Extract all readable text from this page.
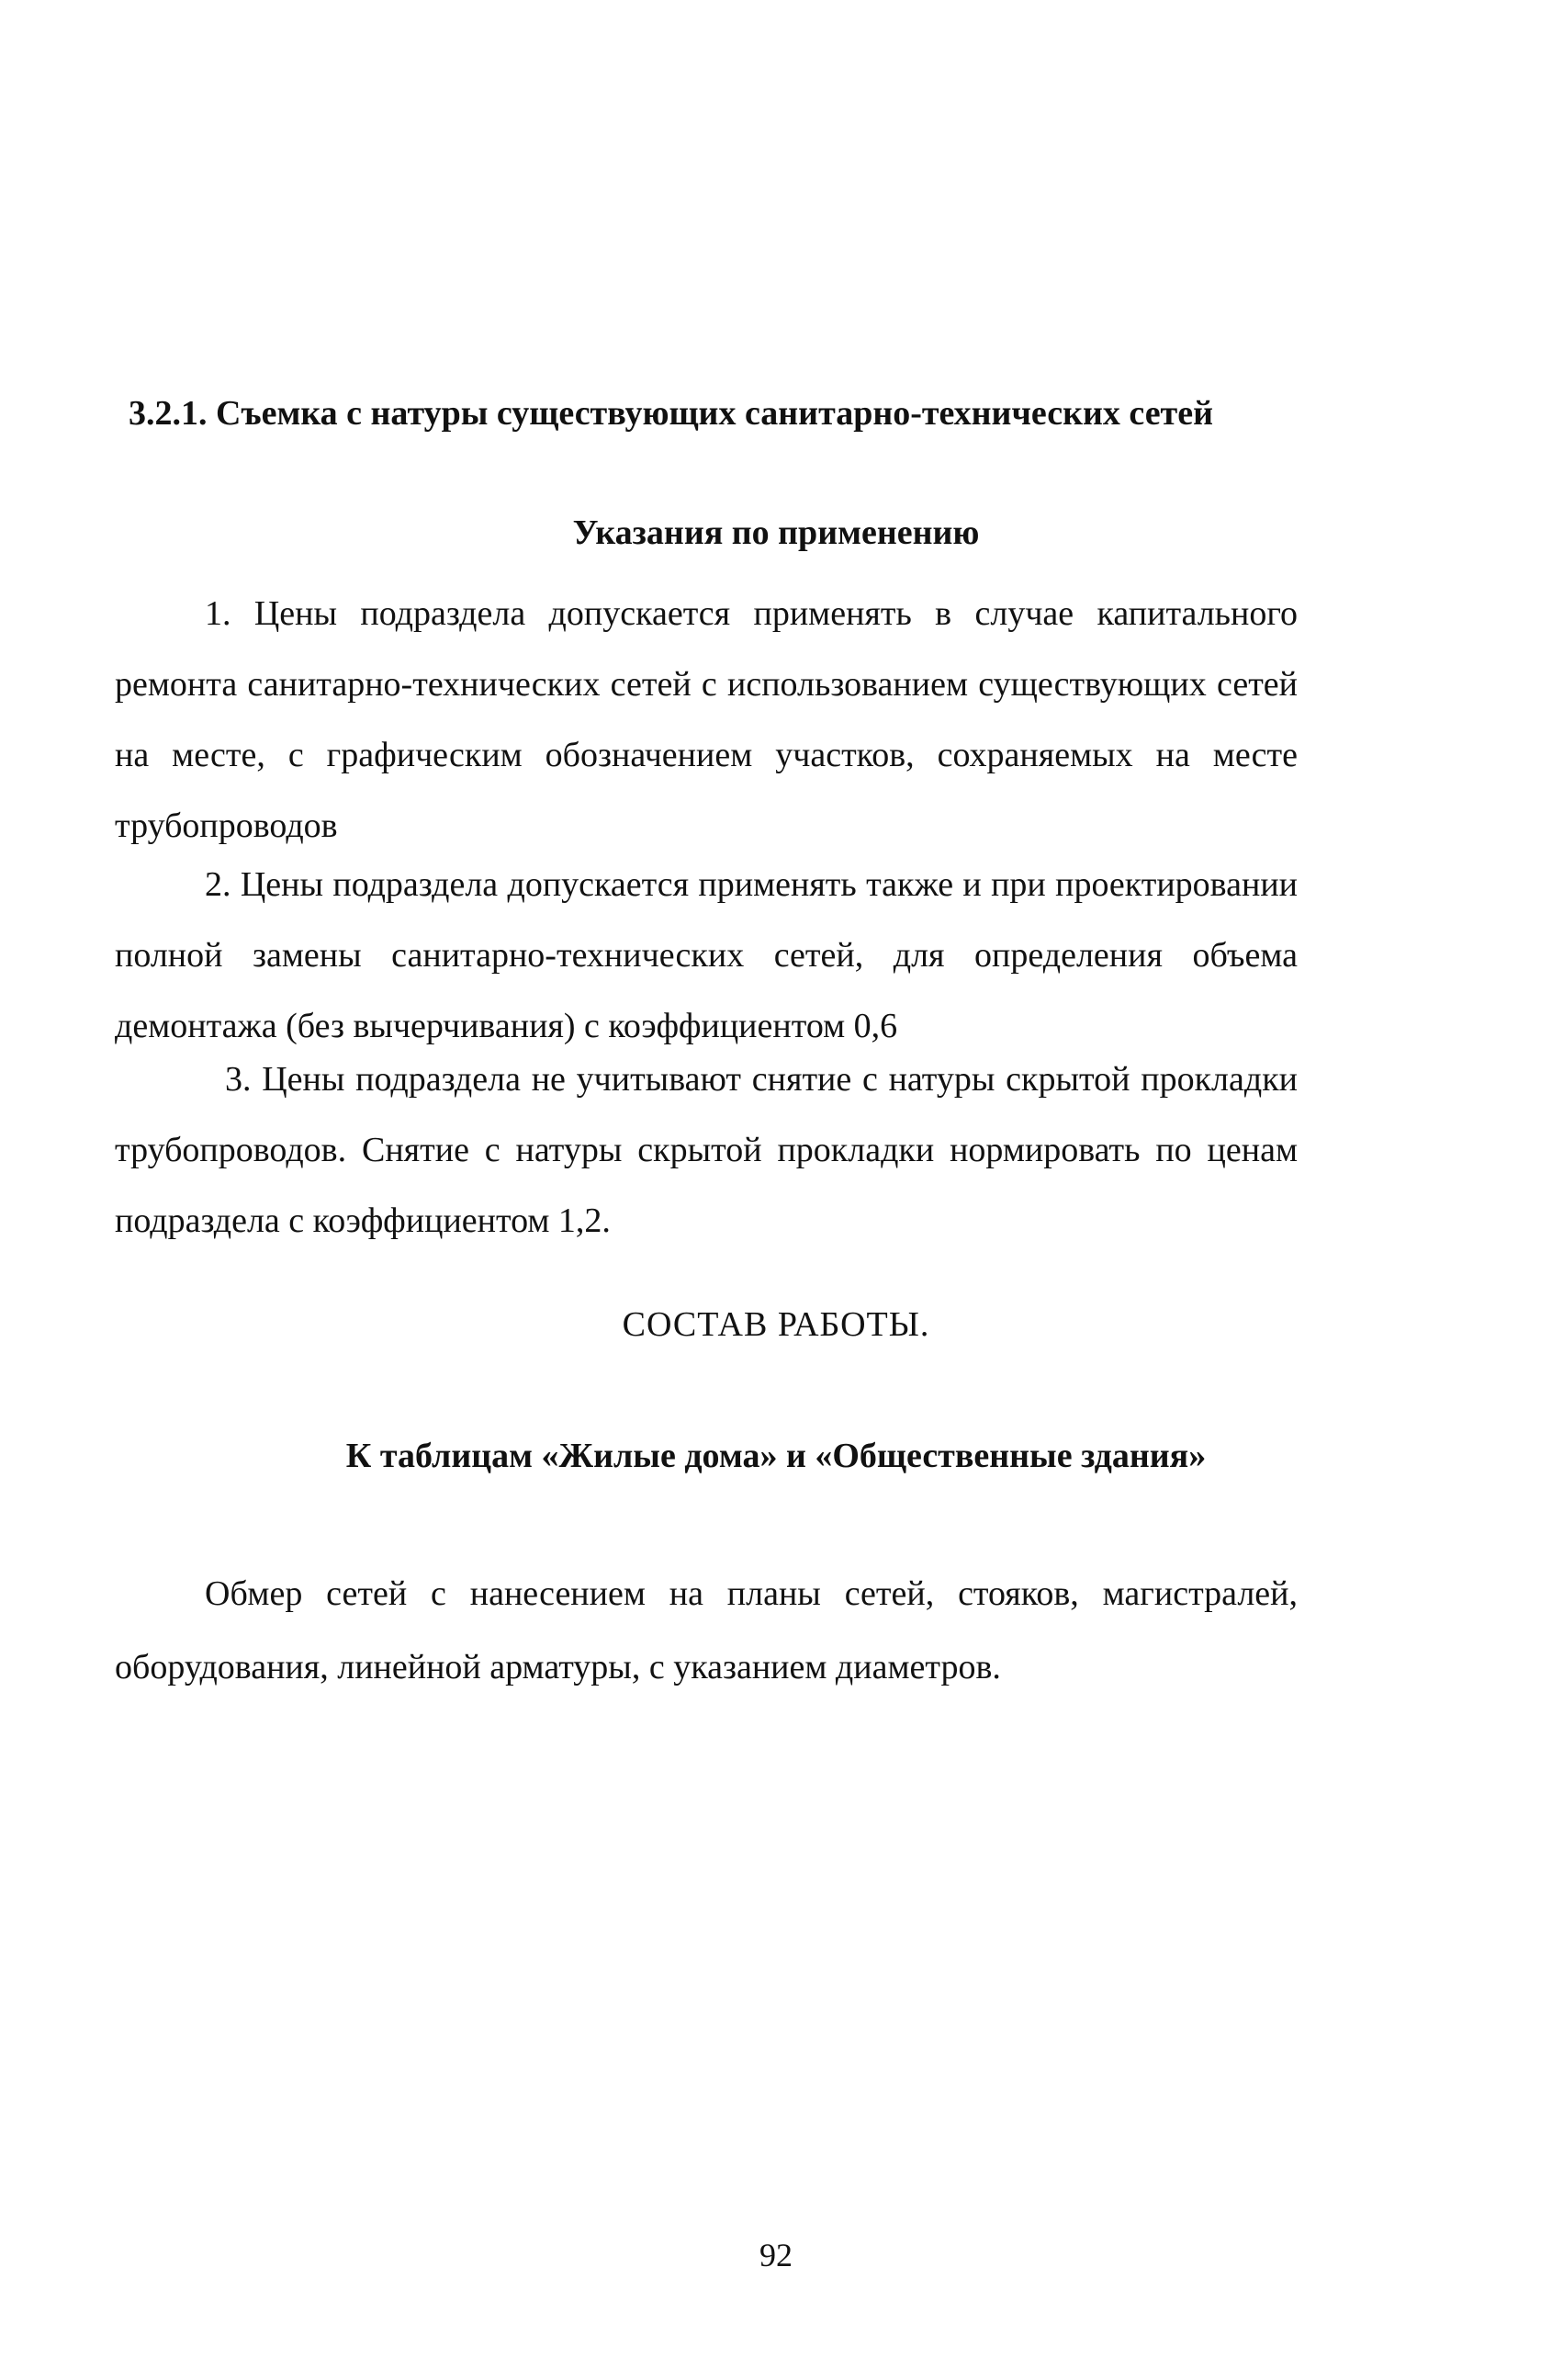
3.2.1. Съемка с натуры существующих санитарно-технических сетей
Указания по применению
1. Цены подраздела допускается применять в случае капитального ремонта санитарно-технических сетей с использованием существующих сетей на месте, с графическим обозначением участков, сохраняемых на месте трубопроводов
2. Цены подраздела допускается применять также и при проектировании полной замены санитарно-технических сетей, для определения объема демонтажа (без вычерчивания) с коэффициентом 0,6
3. Цены подраздела не учитывают снятие с натуры скрытой прокладки трубопроводов. Снятие с натуры скрытой прокладки нормировать по ценам подраздела с коэффициентом 1,2.
СОСТАВ РАБОТЫ.
К таблицам «Жилые дома» и «Общественные здания»
Обмер сетей с нанесением на планы сетей, стояков, магистралей, оборудования, линейной арматуры, с указанием диаметров.
92
